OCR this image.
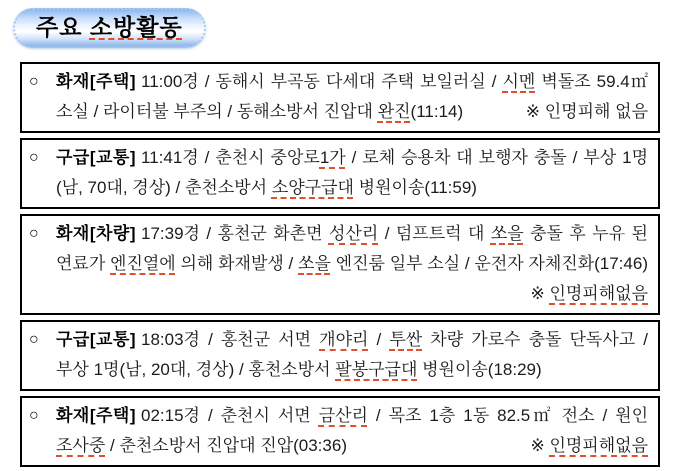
주요 소방활동
○	화재[주택] 11:00경 / 동해시 부곡동 다세대 주택 보일러실 / 시멘 벽돌조 59.4㎡
※ 인명피해 없음
소실 / 라이터불 부주의 / 동해소방서 진압대 완진(11:14)
○	구급[교통] 11:41경 / 춘천시 중앙로1가 / 로체 승용차 대 보행자 충돌 / 부상 1명
(남, 70대, 경상) / 춘천소방서 소양구급대 병원이송(11:59)
○	화재[차량] 17:39경 / 홍천군 화촌면 성산리 / 덤프트럭 대 쏘을 충돌 후 누유 된
연료가 엔진열에 의해 화재발생 / 쏘을 엔진룸 일부 소실 / 운전자 자체진화(17:46)
※ 인명피해없음
○	구급[교통] 18:03경 / 홍천군 서면 개야리 / 투싼 차량 가로수 충돌 단독사고 /
부상 1명(남, 20대, 경상) / 홍천소방서 팔봉구급대 병원이송(18:29)
○	화재[주택] 02:15경 / 춘천시 서면 금산리 / 목조 1층 1동 82.5㎡ 전소 / 원인
※ 인명피해없음
조사중 / 춘천소방서 진압대 진압(03:36)
